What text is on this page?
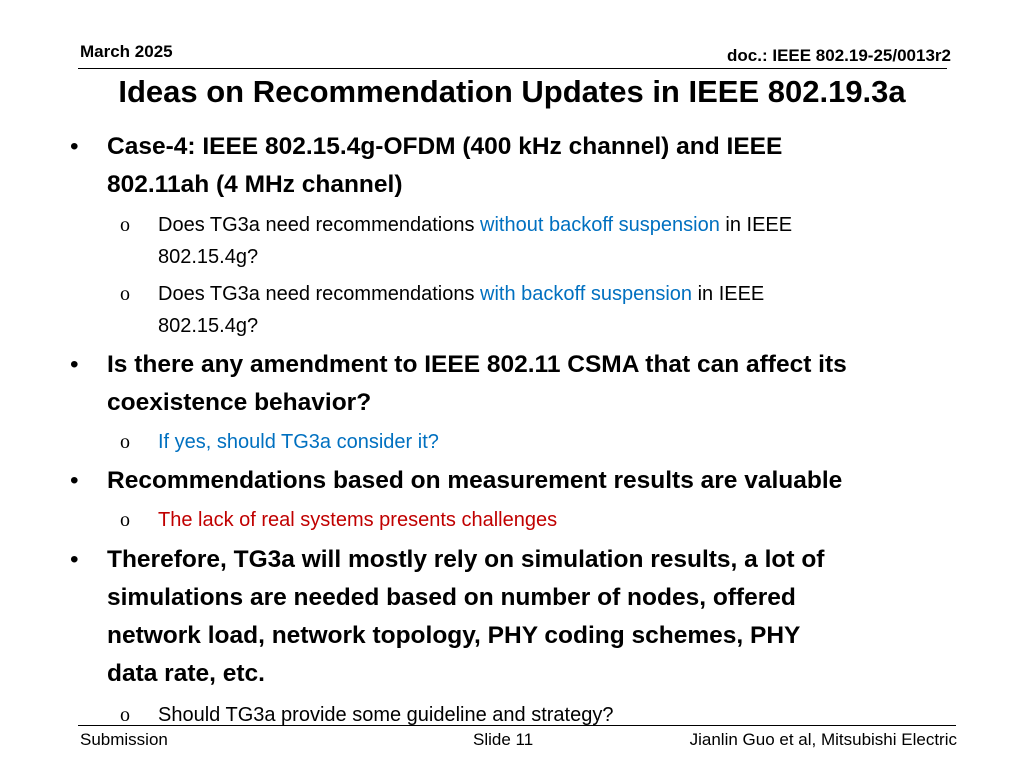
March 2025	doc.: IEEE 802.19-25/0013r2
Ideas on Recommendation Updates in IEEE 802.19.3a
• Case-4: IEEE 802.15.4g-OFDM (400 kHz channel) and IEEE
802.11ah (4 MHz channel)
o Does TG3a need recommendations without backoff suspension in IEEE
802.15.4g?
o Does TG3a need recommendations with backoff suspension in IEEE
802.15.4g?
• Is there any amendment to IEEE 802.11 CSMA that can affect its
coexistence behavior?
o If yes, should TG3a consider it?
• Recommendations based on measurement results are valuable
o The lack of real systems presents challenges
• Therefore, TG3a will mostly rely on simulation results, a lot of
simulations are needed based on number of nodes, offered
network load, network topology, PHY coding schemes, PHY
data rate, etc.
o Should TG3a provide some guideline and strategy?
Submission	Slide 11	Jianlin Guo et al, Mitsubishi Electric
